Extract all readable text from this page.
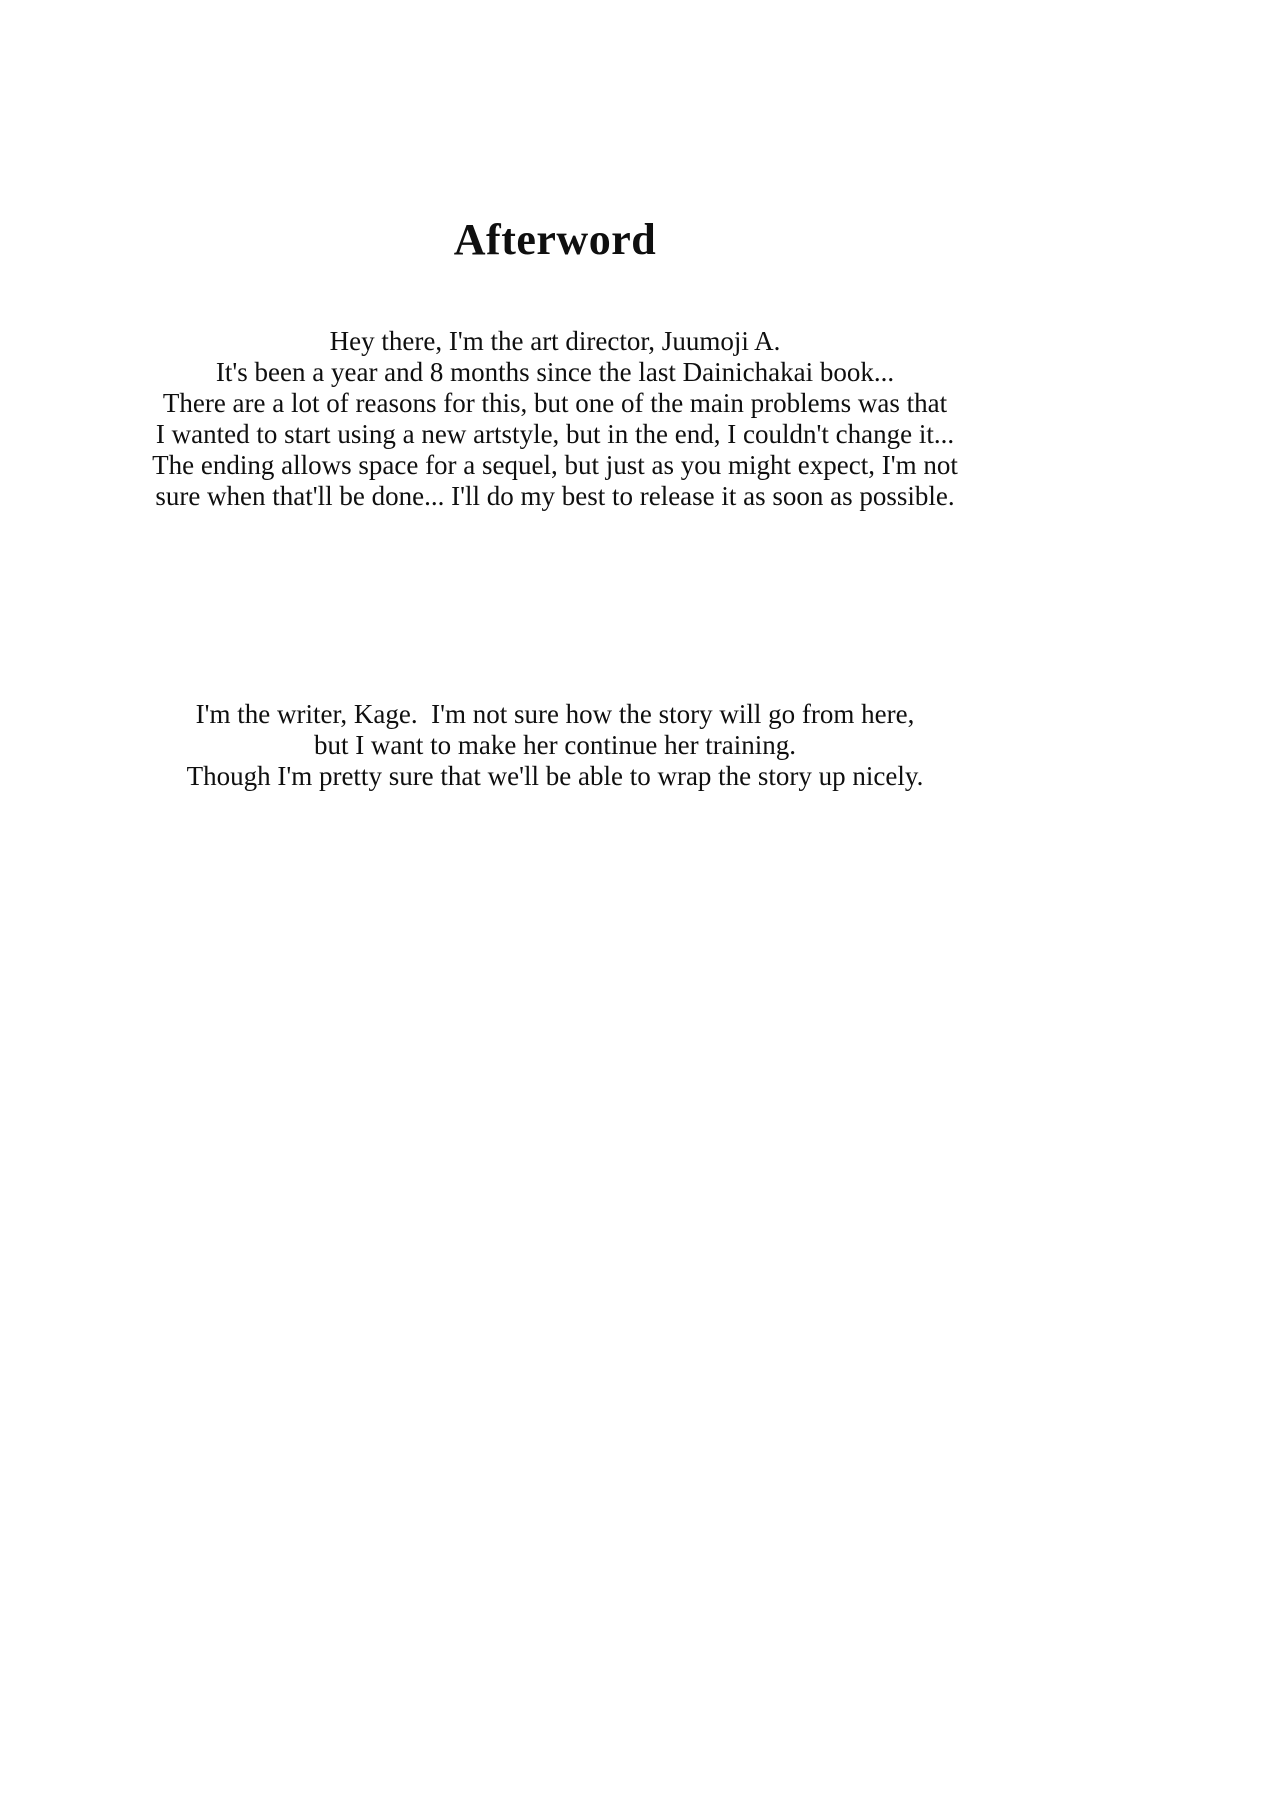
Afterword
Hey there, I'm the art director, Juumoji A.
It's been a year and 8 months since the last Dainichakai book...
There are a lot of reasons for this, but one of the main problems was that
I wanted to start using a new artstyle, but in the end, I couldn't change it...
The ending allows space for a sequel, but just as you might expect, I'm not
sure when that'll be done... I'll do my best to release it as soon as possible.
I'm the writer, Kage.  I'm not sure how the story will go from here,
but I want to make her continue her training.
Though I'm pretty sure that we'll be able to wrap the story up nicely.
